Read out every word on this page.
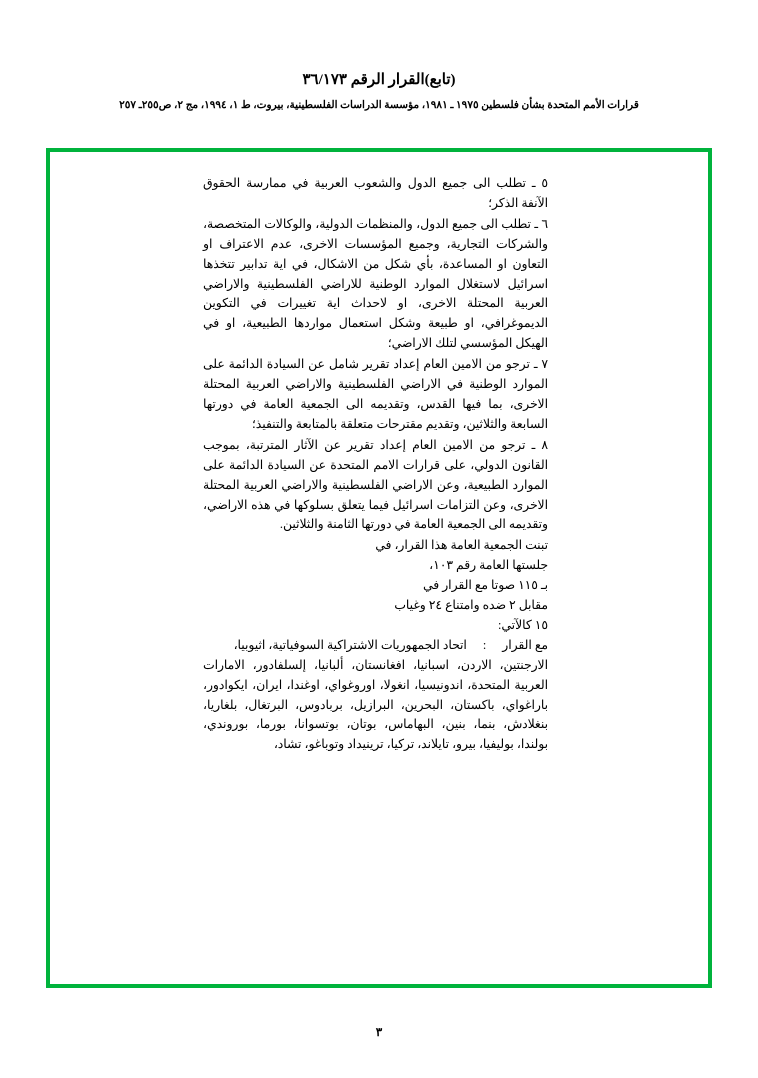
(تابع)القرار الرقم ٣٦/١٧٣
قرارات الأمم المتحدة بشأن فلسطين ١٩٧٥ ـ ١٩٨١، مؤسسة الدراسات الفلسطينية، بيروت، ط ١، ١٩٩٤، مج ٢، ص٢٥٥ـ ٢٥٧

٥ ـ تطلب الى جميع الدول والشعوب العربية في ممارسة الحقوق الآنفة الذكر؛

٦ ـ تطلب الى جميع الدول، والمنظمات الدولية، والوكالات المتخصصة، والشركات التجارية، وجميع المؤسسات الاخرى، عدم الاعتراف او التعاون او المساعدة، بأي شكل من الاشكال، في اية تدابير تتخذها اسرائيل لاستغلال الموارد الوطنية للاراضي الفلسطينية والاراضي العربية المحتلة الاخرى، او لاحداث اية تغييرات في التكوين الديموغرافي، او طبيعة وشكل استعمال مواردها الطبيعية، او في الهيكل المؤسسي لتلك الاراضي؛

٧ ـ ترجو من الامين العام إعداد تقرير شامل عن السيادة الدائمة على الموارد الوطنية في الاراضي الفلسطينية والاراضي العربية المحتلة الاخرى، بما فيها القدس، وتقديمه الى الجمعية العامة في دورتها السابعة والثلاثين، وتقديم مقترحات متعلقة بالمتابعة والتنفيذ؛

٨ ـ ترجو من الامين العام إعداد تقرير عن الآثار المترتبة، بموجب القانون الدولي، على قرارات الامم المتحدة عن السيادة الدائمة على الموارد الطبيعية، وعن الاراضي الفلسطينية والاراضي العربية المحتلة الاخرى، وعن التزامات اسرائيل فيما يتعلق بسلوكها في هذه الاراضي، وتقديمه الى الجمعية العامة في دورتها الثامنة والثلاثين.

تبنت الجمعية العامة هذا القرار، في

جلستها العامة رقم ١٠٣،

بـ ١١٥ صوتا مع القرار في

مقابل ٢ ضده وامتناع ٢٤ وغياب

١٥ كالآتي:

مع القرار
:
اتحاد الجمهوريات الاشتراكية السوفياتية، اثيوبيا،

الارجنتين، الاردن، اسبانيا، افغانستان، ألبانيا، إلسلفادور، الامارات العربية المتحدة، اندونيسيا، انغولا، اوروغواي، اوغندا، ايران، ايكوادور، باراغواي، باكستان، البحرين، البرازيل، بربادوس، البرتغال، بلغاريا، بنغلادش، بنما، بنين، البهاماس، بوتان، بوتسوانا، بورما، بوروندي، بولندا، بوليفيا، بيرو، تايلاند، تركيا، ترينيداد وتوباغو، تشاد،

٣
